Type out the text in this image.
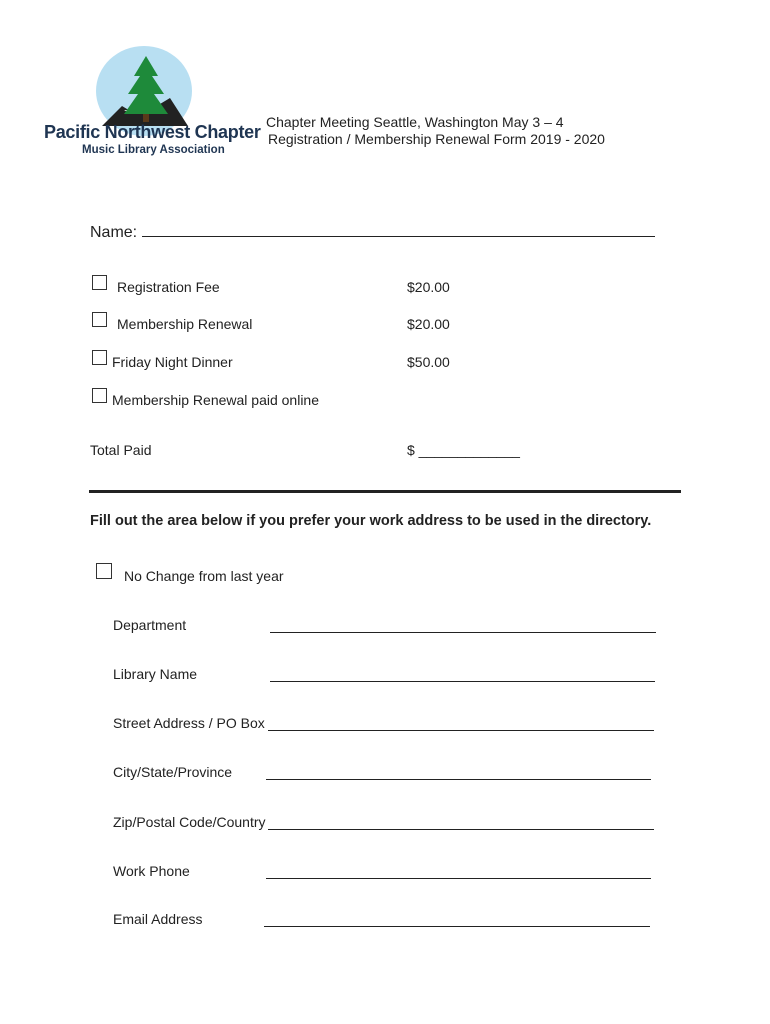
Pacific Northwest Chapter
Music Library Association
Chapter Meeting Seattle, Washington May 3 – 4
Registration / Membership Renewal Form 2019 - 2020
Name:
Registration Fee	$20.00
Membership Renewal	$20.00
Friday Night Dinner	$50.00
Membership Renewal paid online
Total Paid	$ _____________
Fill out the area below if you prefer your work address to be used in the directory.
No Change from last year
Department
Library Name
Street Address / PO Box
City/State/Province
Zip/Postal Code/Country
Work Phone
Email Address
